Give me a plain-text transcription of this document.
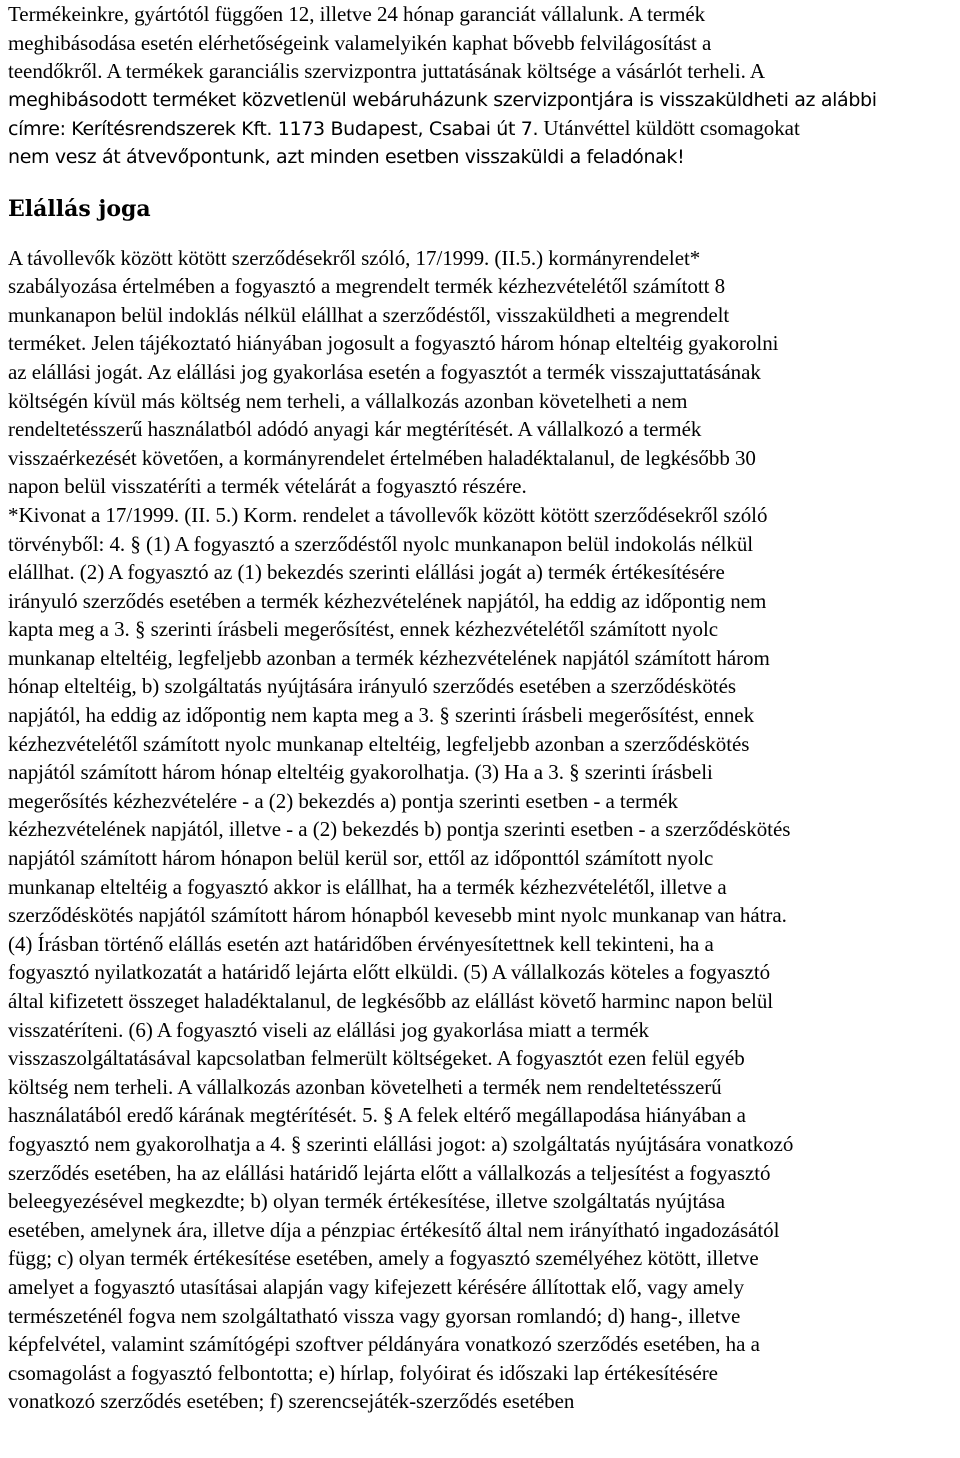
Termékeinkre, gyártótól függően 12, illetve 24 hónap garanciát vállalunk. A termék
meghibásodása esetén elérhetőségeink valamelyikén kaphat bővebb felvilágosítást a
teendőkről. A termékek garanciális szervizpontra juttatásának költsége a vásárlót terheli. A
meghibásodott terméket közvetlenül webáruházunk szervizpontjára is visszaküldheti az alábbi
címre: Kerítésrendszerek Kft. 1173 Budapest, Csabai út 7. Utánvéttel küldött csomagokat
nem vesz át átvevőpontunk, azt minden esetben visszaküldi a feladónak!
Elállás joga
A távollevők között kötött szerződésekről szóló, 17/1999. (II.5.) kormányrendelet*
szabályozása értelmében a fogyasztó a megrendelt termék kézhezvételétől számított 8
munkanapon belül indoklás nélkül elállhat a szerződéstől, visszaküldheti a megrendelt
terméket. Jelen tájékoztató hiányában jogosult a fogyasztó három hónap elteltéig gyakorolni
az elállási jogát. Az elállási jog gyakorlása esetén a fogyasztót a termék visszajuttatásának
költségén kívül más költség nem terheli, a vállalkozás azonban követelheti a nem
rendeltetésszerű használatból adódó anyagi kár megtérítését. A vállalkozó a termék
visszaérkezését követően, a kormányrendelet értelmében haladéktalanul, de legkésőbb 30
napon belül visszatéríti a termék vételárát a fogyasztó részére.
*Kivonat a 17/1999. (II. 5.) Korm. rendelet a távollevők között kötött szerződésekről szóló
törvényből: 4. § (1) A fogyasztó a szerződéstől nyolc munkanapon belül indokolás nélkül
elállhat. (2) A fogyasztó az (1) bekezdés szerinti elállási jogát a) termék értékesítésére
irányuló szerződés esetében a termék kézhezvételének napjától, ha eddig az időpontig nem
kapta meg a 3. § szerinti írásbeli megerősítést, ennek kézhezvételétől számított nyolc
munkanap elteltéig, legfeljebb azonban a termék kézhezvételének napjától számított három
hónap elteltéig, b) szolgáltatás nyújtására irányuló szerződés esetében a szerződéskötés
napjától, ha eddig az időpontig nem kapta meg a 3. § szerinti írásbeli megerősítést, ennek
kézhezvételétől számított nyolc munkanap elteltéig, legfeljebb azonban a szerződéskötés
napjától számított három hónap elteltéig gyakorolhatja. (3) Ha a 3. § szerinti írásbeli
megerősítés kézhezvételére - a (2) bekezdés a) pontja szerinti esetben - a termék
kézhezvételének napjától, illetve - a (2) bekezdés b) pontja szerinti esetben - a szerződéskötés
napjától számított három hónapon belül kerül sor, ettől az időponttól számított nyolc
munkanap elteltéig a fogyasztó akkor is elállhat, ha a termék kézhezvételétől, illetve a
szerződéskötés napjától számított három hónapból kevesebb mint nyolc munkanap van hátra.
(4) Írásban történő elállás esetén azt határidőben érvényesítettnek kell tekinteni, ha a
fogyasztó nyilatkozatát a határidő lejárta előtt elküldi. (5) A vállalkozás köteles a fogyasztó
által kifizetett összeget haladéktalanul, de legkésőbb az elállást követő harminc napon belül
visszatéríteni. (6) A fogyasztó viseli az elállási jog gyakorlása miatt a termék
visszaszolgáltatásával kapcsolatban felmerült költségeket. A fogyasztót ezen felül egyéb
költség nem terheli. A vállalkozás azonban követelheti a termék nem rendeltetésszerű
használatából eredő kárának megtérítését. 5. § A felek eltérő megállapodása hiányában a
fogyasztó nem gyakorolhatja a 4. § szerinti elállási jogot: a) szolgáltatás nyújtására vonatkozó
szerződés esetében, ha az elállási határidő lejárta előtt a vállalkozás a teljesítést a fogyasztó
beleegyezésével megkezdte; b) olyan termék értékesítése, illetve szolgáltatás nyújtása
esetében, amelynek ára, illetve díja a pénzpiac értékesítő által nem irányítható ingadozásától
függ; c) olyan termék értékesítése esetében, amely a fogyasztó személyéhez kötött, illetve
amelyet a fogyasztó utasításai alapján vagy kifejezett kérésére állítottak elő, vagy amely
természeténél fogva nem szolgáltatható vissza vagy gyorsan romlandó; d) hang-, illetve
képfelvétel, valamint számítógépi szoftver példányára vonatkozó szerződés esetében, ha a
csomagolást a fogyasztó felbontotta; e) hírlap, folyóirat és időszaki lap értékesítésére
vonatkozó szerződés esetében; f) szerencsejáték-szerződés esetében
